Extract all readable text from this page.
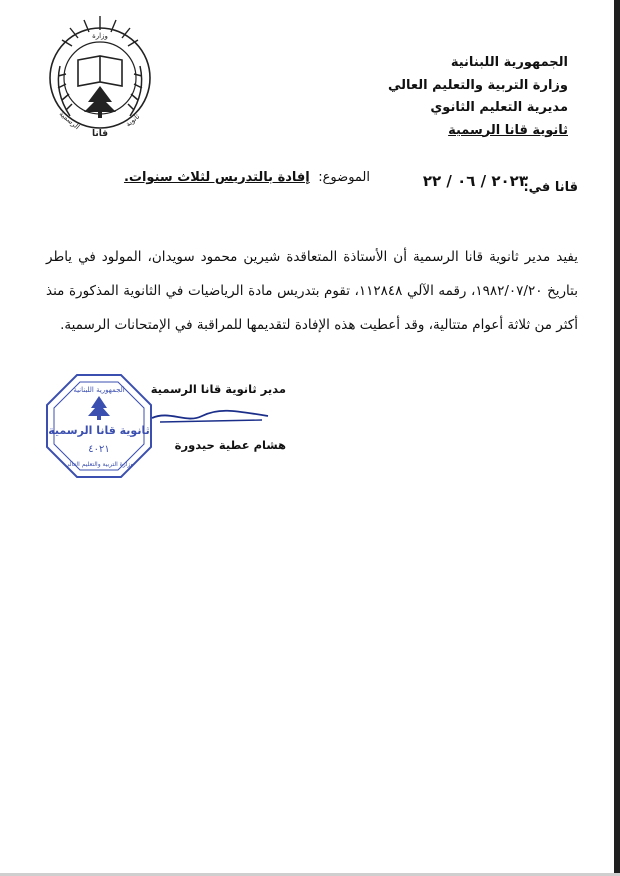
وزارة
الرسمية	ثانوية
قانا
الجمهورية اللبنانية
وزارة التربية والتعليم العالي
مديرية التعليم الثانوي
ثانوية قانا الرسمية
قانا في:
٢٠٢٣ / ٠٦ / ٢٢
الموضوع: إفادة بالتدريس لثلاث سنوات.
يفيد مدير ثانوية قانا الرسمية أن الأستاذة المتعاقدة شيرين محمود سويدان، المولود في ياطر بتاريخ ١٩٨٢/٠٧/٢٠، رقمه الآلي ١١٢٨٤٨، تقوم بتدريس مادة الرياضيات في الثانوية المذكورة منذ أكثر من ثلاثة أعوام متتالية، وقد أعطيت هذه الإفادة لتقديمها للمراقبة في الإمتحانات الرسمية.
مدير ثانوية قانا الرسمية
هشام عطية حيدورة
الجمهورية اللبنانية
ثانوية قانا الرسمية
٤٠٢١
وزارة التربية والتعليم العالي
